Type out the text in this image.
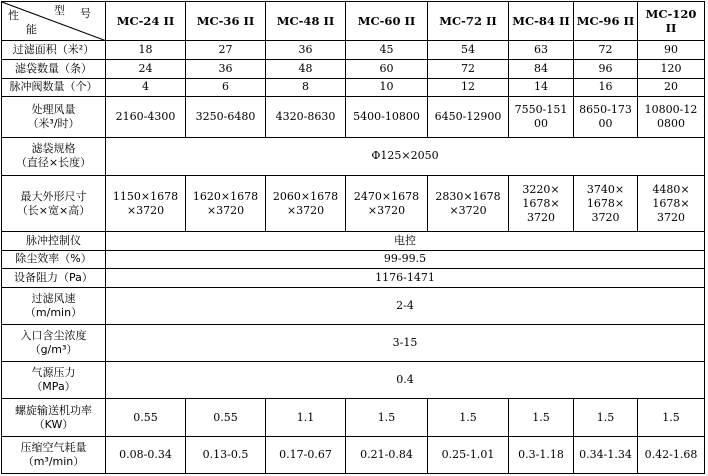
型 号
性
能	MC-24 II	MC-36 II	MC-48 II	MC-60 II	MC-72 II	MC-84 II	MC-96 II	MC-120
II
过滤面积（米²）	18	27	36	45	54	63	72	90
滤袋数量（条）	24	36	48	60	72	84	96	120
脉冲阀数量（个）	4	6	8	10	12	14	16	20
处理风量
（米³/时）	2160-4300	3250-6480	4320-8630	5400-10800	6450-12900	7550-151
00	8650-173
00	10800-12
0800
滤袋规格
（直径×长度）	Φ125×2050							
最大外形尺寸
（长×宽×高）	1150×1678
×3720	1620×1678
×3720	2060×1678
×3720	2470×1678
×3720	2830×1678
×3720	3220×
1678×
3720	3740×
1678×
3720	4480×
1678×
3720
脉冲控制仪	电控							
除尘效率（%）	99-99.5							
设备阻力（Pa）	1176-1471							
过滤风速
（m/min）	2-4							
入口含尘浓度
（g/m³）	3-15							
气源压力
（MPa）	0.4							
螺旋输送机功率
（KW）	0.55	0.55	1.1	1.5	1.5	1.5	1.5	1.5
压缩空气耗量
（m³/min）	0.08-0.34	0.13-0.5	0.17-0.67	0.21-0.84	0.25-1.01	0.3-1.18	0.34-1.34	0.42-1.68
